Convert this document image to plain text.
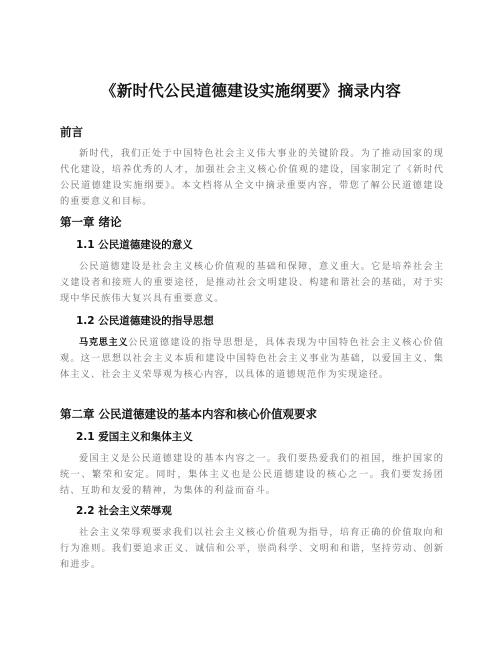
《新时代公民道德建设实施纲要》摘录内容
前言

新时代，我们正处于中国特色社会主义伟大事业的关键阶段。为了推动国家的现代化建设，培养优秀的人才，加强社会主义核心价值观的建设，国家制定了《新时代公民道德建设实施纲要》。本文档将从全文中摘录重要内容，带您了解公民道德建设的重要意义和目标。

第一章 绪论
1.1 公民道德建设的意义

公民道德建设是社会主义核心价值观的基础和保障，意义重大。它是培养社会主义建设者和接班人的重要途径，是推动社会文明建设、构建和谐社会的基础，对于实现中华民族伟大复兴具有重要意义。

1.2 公民道德建设的指导思想

马克思主义公民道德建设的指导思想是，具体表现为中国特色社会主义核心价值观。这一思想以社会主义本质和建设中国特色社会主义事业为基础，以爱国主义、集体主义、社会主义荣辱观为核心内容，以具体的道德规范作为实现途径。

第二章 公民道德建设的基本内容和核心价值观要求
2.1 爱国主义和集体主义

爱国主义是公民道德建设的基本内容之一。我们要热爱我们的祖国，维护国家的统一、繁荣和安定。同时，集体主义也是公民道德建设的核心之一。我们要发扬团结、互助和友爱的精神，为集体的利益而奋斗。

2.2 社会主义荣辱观

社会主义荣辱观要求我们以社会主义核心价值观为指导，培育正确的价值取向和行为准则。我们要追求正义、诚信和公平，崇尚科学、文明和和谐，坚持劳动、创新和进步。
